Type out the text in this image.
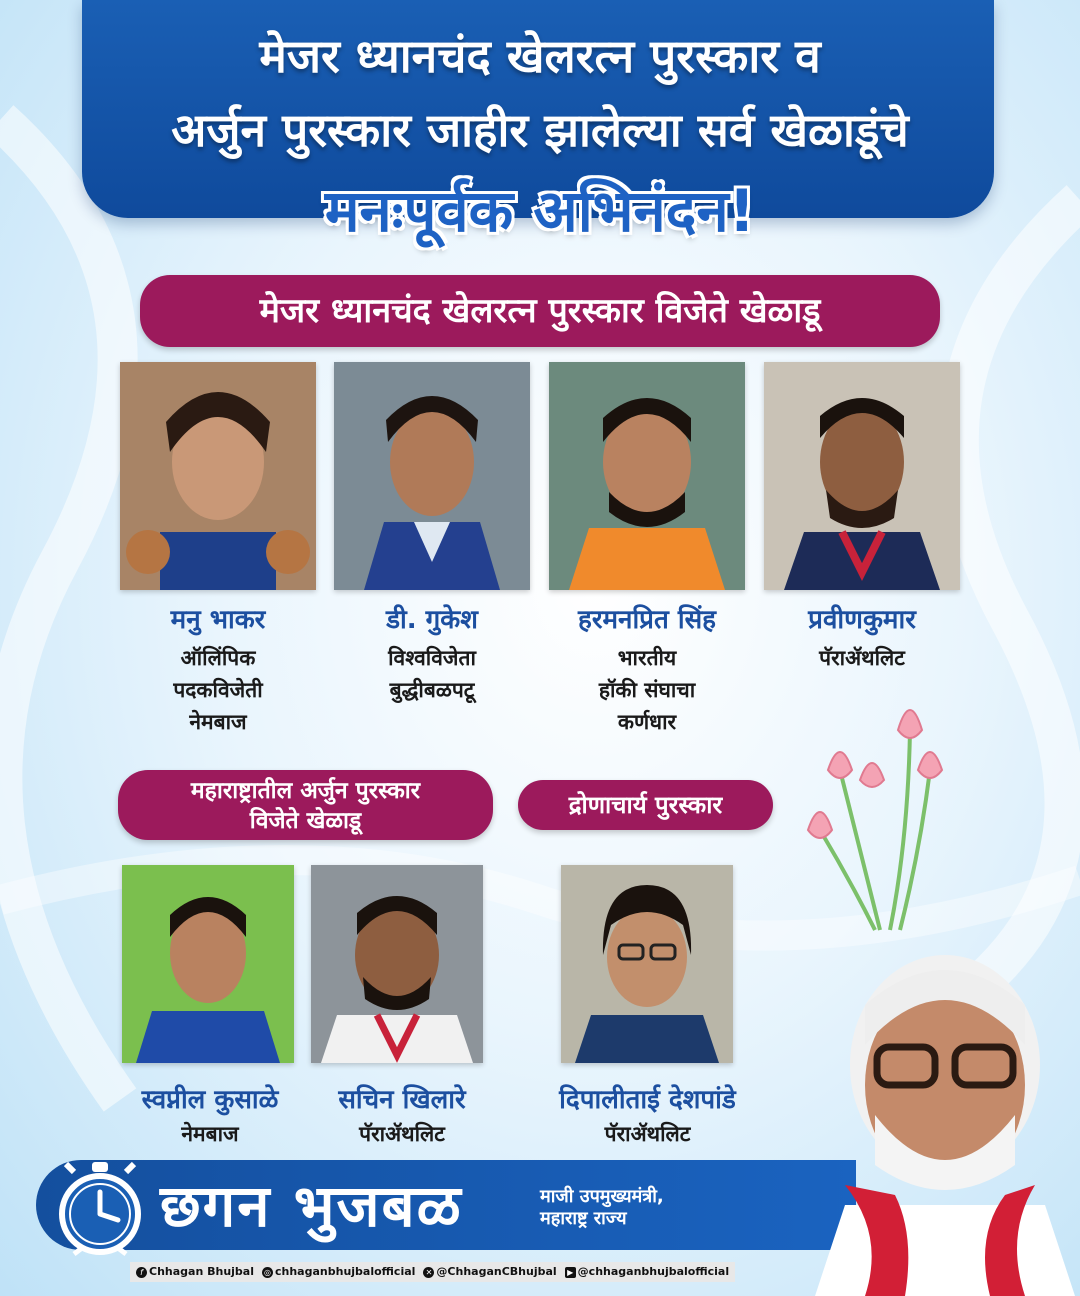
मेजर ध्यानचंद खेलरत्न पुरस्कार व
अर्जुन पुरस्कार जाहीर झालेल्या सर्व खेळाडूंचे
मनःपूर्वक अभिनंदन!
मेजर ध्यानचंद खेलरत्न पुरस्कार विजेते खेळाडू
मनु भाकर
ऑलिंपिक
पदकविजेती
नेमबाज
डी. गुकेश
विश्वविजेता
बुद्धीबळपटू
हरमनप्रित सिंह
भारतीय
हॉकी संघाचा
कर्णधार
प्रवीणकुमार
पॅराॲथलिट
महाराष्ट्रातील अर्जुन पुरस्कार
विजेते खेळाडू
द्रोणाचार्य पुरस्कार
स्वप्नील कुसाळे
नेमबाज
सचिन खिलारे
पॅराॲथलिट
दिपालीताई देशपांडे
पॅराॲथलिट
छगन भुजबळ	माजी उपमुख्यमंत्री,
महाराष्ट्र राज्य
f Chhagan Bhujbal ◎ chhaganbhujbalofficial ✕ @ChhaganCBhujbal	▶ @chhaganbhujbalofficial
